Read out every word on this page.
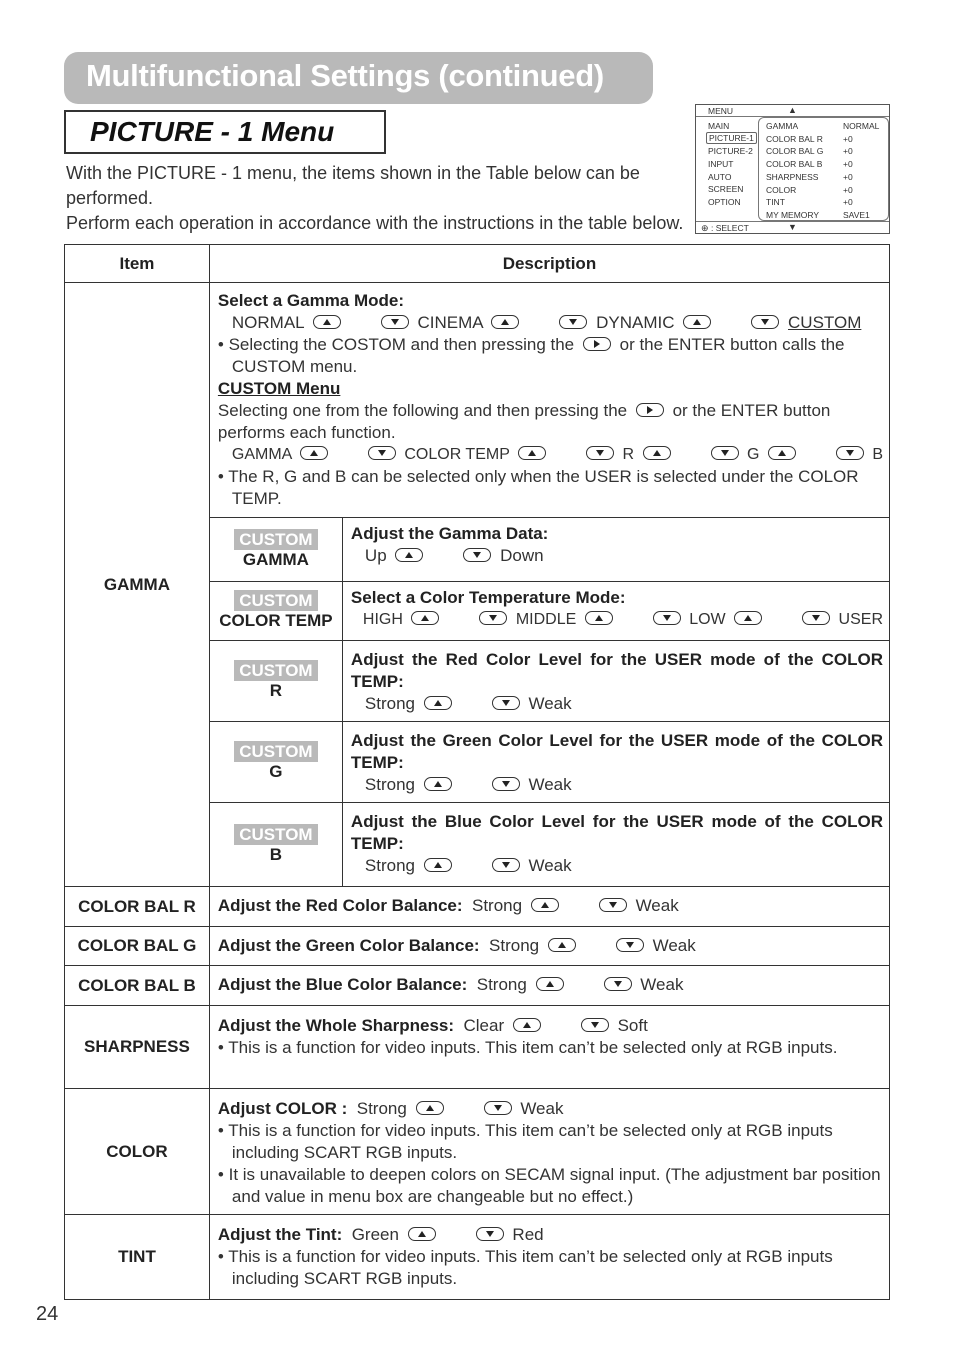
Multifunctional Settings (continued)
PICTURE - 1 Menu

With the PICTURE - 1 menu, the items shown in the Table below can be

performed.

Perform each operation in accordance with the instructions in the table below.

MENU	▲
MAIN
PICTURE-1
PICTURE-2
INPUT
AUTO
SCREEN
OPTION
GAMMA
COLOR BAL R
COLOR BAL G
COLOR BAL B
SHARPNESS
COLOR
TINT
MY MEMORY
NORMAL
+0
+0
+0
+0
+0
+0
SAVE1
⊕ : SELECT	▼
Item	Description
GAMMA	
Select a Gamma Mode:
NORMAL	CINEMA	DYNAMIC	CUSTOM
• Selecting the COSTOM and then pressing the	or the ENTER button calls the CUSTOM menu.
CUSTOM Menu
Selecting one from the following and then pressing the	or the ENTER button performs each function.
GAMMA	COLOR TEMP	R	G	B
• The R, G and B can be selected only when the USER is selected under the COLOR TEMP.

CUSTOM
GAMMA	
Adjust the Gamma Data:
Up	Down

CUSTOM
COLOR TEMP	
Select a Color Temperature Mode:
HIGH	MIDDLE	LOW	USER

CUSTOM
R	
Adjust the Red Color Level for the USER mode of the COLOR TEMP:
Strong	Weak

CUSTOM
G	
Adjust the Green Color Level for the USER mode of the COLOR TEMP:
Strong	Weak

CUSTOM
B	
Adjust the Blue Color Level for the USER mode of the COLOR TEMP:
Strong	Weak

COLOR BAL R	Adjust the Red Color Balance: Strong	Weak
COLOR BAL G	Adjust the Green Color Balance: Strong	Weak
COLOR BAL B	Adjust the Blue Color Balance: Strong	Weak
SHARPNESS	
Adjust the Whole Sharpness: Clear	Soft
• This is a function for video inputs. This item can’t be selected only at RGB inputs.

COLOR	
Adjust COLOR : Strong	Weak
• This is a function for video inputs. This item can’t be selected only at RGB inputs including SCART RGB inputs.
• It is unavailable to deepen colors on SECAM signal input. (The adjustment bar position and value in menu box are changeable but no effect.)

TINT	
Adjust the Tint: Green	Red
• This is a function for video inputs. This item can’t be selected only at RGB inputs including SCART RGB inputs.
24
